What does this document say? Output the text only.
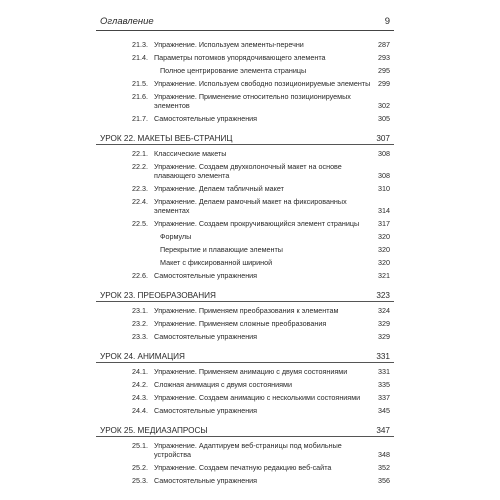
Оглавление	9
21.3. Упражнение. Используем элементы-перечни	287
21.4. Параметры потомков упорядочивающего элемента	293
Полное центрирование элемента страницы	295
21.5. Упражнение. Используем свободно позиционируемые элементы 299
21.6. Упражнение. Применение относительно позиционируемых элементов	302
21.7. Самостоятельные упражнения	305
УРОК 22. МАКЕТЫ ВЕБ-СТРАНИЦ	307
22.1. Классические макеты	308
22.2. Упражнение. Создаем двухколоночный макет на основе плавающего элемента	308
22.3. Упражнение. Делаем табличный макет	310
22.4. Упражнение. Делаем рамочный макет на фиксированных элементах	314
22.5. Упражнение. Создаем прокручивающийся элемент страницы	317
Формулы	320
Перекрытие и плавающие элементы	320
Макет с фиксированной шириной	320
22.6. Самостоятельные упражнения	321
УРОК 23. ПРЕОБРАЗОВАНИЯ	323
23.1. Упражнение. Применяем преобразования к элементам	324
23.2. Упражнение. Применяем сложные преобразования	329
23.3. Самостоятельные упражнения	329
УРОК 24. АНИМАЦИЯ	331
24.1. Упражнение. Применяем анимацию с двумя состояниями	331
24.2. Сложная анимация с двумя состояниями	335
24.3. Упражнение. Создаем анимацию с несколькими состояниями	337
24.4. Самостоятельные упражнения	345
УРОК 25. МЕДИАЗАПРОСЫ	347
25.1. Упражнение. Адаптируем веб-страницы под мобильные устройства	348
25.2. Упражнение. Создаем печатную редакцию веб-сайта	352
25.3. Самостоятельные упражнения	356
